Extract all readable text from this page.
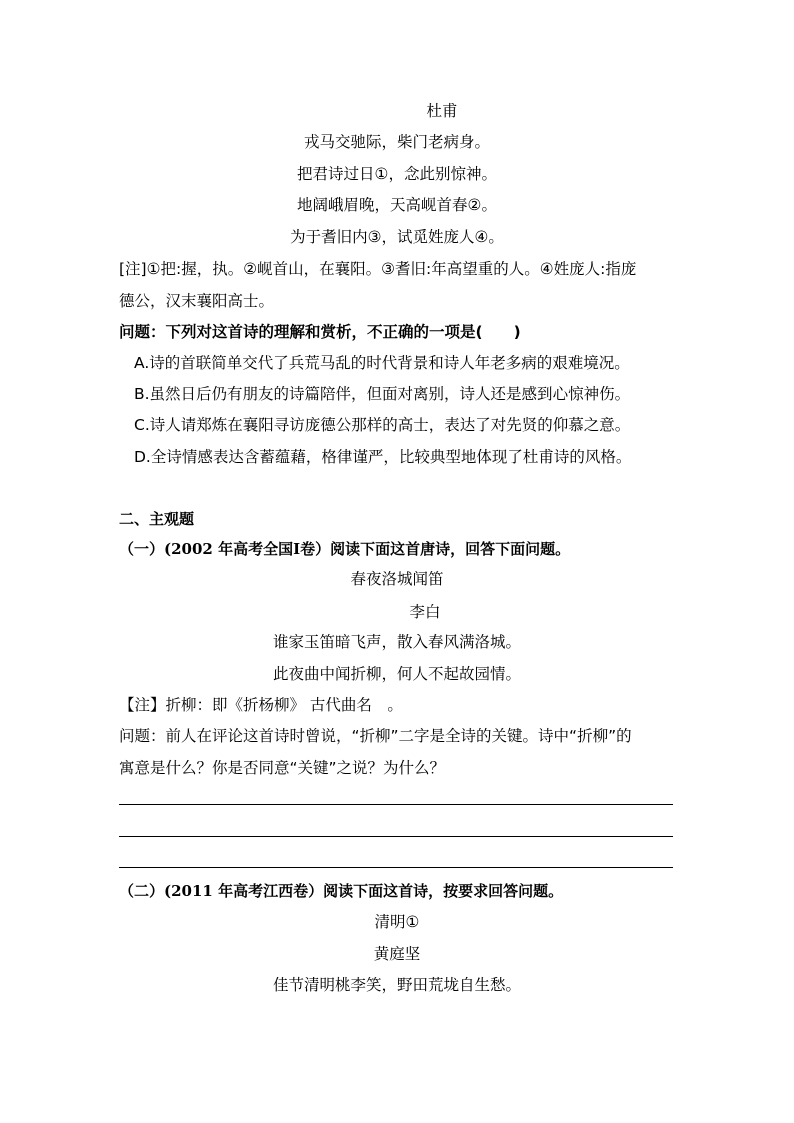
杜甫
戎马交驰际，柴门老病身。
把君诗过日①，念此别惊神。
地阔峨眉晚，天高岘首春②。
为于耆旧内③，试觅姓庞人④。
[注]①把:握，执。②岘首山，在襄阳。③耆旧:年高望重的人。④姓庞人:指庞
德公，汉末襄阳高士。
问题：下列对这首诗的理解和赏析，不正确的一项是(　　)
A.诗的首联简单交代了兵荒马乱的时代背景和诗人年老多病的艰难境况。
B.虽然日后仍有朋友的诗篇陪伴，但面对离别，诗人还是感到心惊神伤。
C.诗人请郑炼在襄阳寻访庞德公那样的高士，表达了对先贤的仰慕之意。
D.全诗情感表达含蓄蕴藉，格律谨严，比较典型地体现了杜甫诗的风格。
二、主观题
（一）(2002 年高考全国Ⅰ卷）阅读下面这首唐诗，回答下面问题。
春夜洛城闻笛
李白
谁家玉笛暗飞声，散入春风满洛城。
此夜曲中闻折柳，何人不起故园情。
【注】折柳：即《折杨柳》 古代曲名　。
问题：前人在评论这首诗时曾说，“折柳”二字是全诗的关键。诗中“折柳”的
寓意是什么？你是否同意“关键”之说？为什么？
（二）(2011 年高考江西卷）阅读下面这首诗，按要求回答问题。
清明①
黄庭坚
佳节清明桃李笑，野田荒垅自生愁。
